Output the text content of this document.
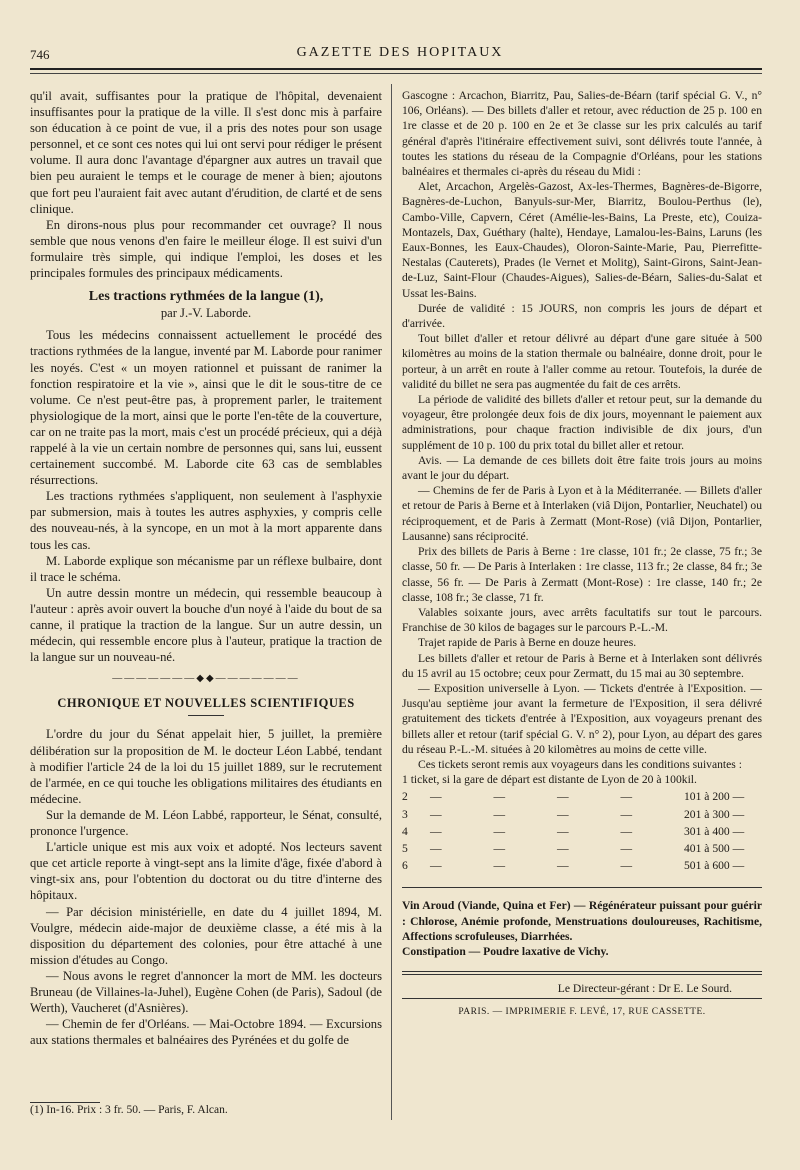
746	GAZETTE DES HOPITAUX

qu'il avait, suffisantes pour la pratique de l'hôpital, devenaient insuffisantes pour la pratique de la ville. Il s'est donc mis à parfaire son éducation à ce point de vue, il a pris des notes pour son usage personnel, et ce sont ces notes qui lui ont servi pour rédiger le présent volume. Il aura donc l'avantage d'épargner aux autres un travail que bien peu auraient le temps et le courage de mener à bien; ajoutons que fort peu l'auraient fait avec autant d'érudition, de clarté et de sens clinique.

En dirons-nous plus pour recommander cet ouvrage? Il nous semble que nous venons d'en faire le meilleur éloge. Il est suivi d'un formulaire très simple, qui indique l'emploi, les doses et les principales formules des principaux médicaments.

Les tractions rythmées de la langue (1),
par J.-V. Laborde.

Tous les médecins connaissent actuellement le procédé des tractions rythmées de la langue, inventé par M. Laborde pour ranimer les noyés. C'est « un moyen rationnel et puissant de ranimer la fonction respiratoire et la vie », ainsi que le dit le sous-titre de ce volume. Ce n'est peut-être pas, à proprement parler, le traitement physiologique de la mort, ainsi que le porte l'en-tête de la couverture, car on ne traite pas la mort, mais c'est un procédé précieux, qui a déjà rappelé à la vie un certain nombre de personnes qui, sans lui, eussent certainement succombé. M. Laborde cite 63 cas de semblables résurrections.

Les tractions rythmées s'appliquent, non seulement à l'asphyxie par submersion, mais à toutes les autres asphyxies, y compris celle des nouveau-nés, à la syncope, en un mot à la mort apparente dans tous les cas.

M. Laborde explique son mécanisme par un réflexe bulbaire, dont il trace le schéma.

Un autre dessin montre un médecin, qui ressemble beaucoup à l'auteur : après avoir ouvert la bouche d'un noyé à l'aide du bout de sa canne, il pratique la traction de la langue. Sur un autre dessin, un médecin, qui ressemble encore plus à l'auteur, pratique la traction de la langue sur un nouveau-né.

———————◆◆———————
CHRONIQUE ET NOUVELLES SCIENTIFIQUES

L'ordre du jour du Sénat appelait hier, 5 juillet, la première délibération sur la proposition de M. le docteur Léon Labbé, tendant à modifier l'article 24 de la loi du 15 juillet 1889, sur le recrutement de l'armée, en ce qui touche les obligations militaires des étudiants en médecine.

Sur la demande de M. Léon Labbé, rapporteur, le Sénat, consulté, prononce l'urgence.

L'article unique est mis aux voix et adopté. Nos lecteurs savent que cet article reporte à vingt-sept ans la limite d'âge, fixée d'abord à vingt-six ans, pour l'obtention du doctorat ou du titre d'interne des hôpitaux.

— Par décision ministérielle, en date du 4 juillet 1894, M. Voulgre, médecin aide-major de deuxième classe, a été mis à la disposition du département des colonies, pour être attaché à une mission d'études au Congo.

— Nous avons le regret d'annoncer la mort de MM. les docteurs Bruneau (de Villaines-la-Juhel), Eugène Cohen (de Paris), Sadoul (de Werth), Vaucheret (d'Asnières).

— Chemin de fer d'Orléans. — Mai-Octobre 1894. — Excursions aux stations thermales et balnéaires des Pyrénées et du golfe de

(1) In-16. Prix : 3 fr. 50. — Paris, F. Alcan.

Gascogne : Arcachon, Biarritz, Pau, Salies-de-Béarn (tarif spécial G. V., n° 106, Orléans). — Des billets d'aller et retour, avec réduction de 25 p. 100 en 1re classe et de 20 p. 100 en 2e et 3e classe sur les prix calculés au tarif général d'après l'itinéraire effectivement suivi, sont délivrés toute l'année, à toutes les stations du réseau de la Compagnie d'Orléans, pour les stations balnéaires et thermales ci-après du réseau du Midi :

Alet, Arcachon, Argelès-Gazost, Ax-les-Thermes, Bagnères-de-Bigorre, Bagnères-de-Luchon, Banyuls-sur-Mer, Biarritz, Boulou-Perthus (le), Cambo-Ville, Capvern, Céret (Amélie-les-Bains, La Preste, etc), Couiza-Montazels, Dax, Guéthary (halte), Hendaye, Lamalou-les-Bains, Laruns (les Eaux-Bonnes, les Eaux-Chaudes), Oloron-Sainte-Marie, Pau, Pierrefitte-Nestalas (Cauterets), Prades (le Vernet et Molitg), Saint-Girons, Saint-Jean-de-Luz, Saint-Flour (Chaudes-Aigues), Salies-de-Béarn, Salies-du-Salat et Ussat les-Bains.

Durée de validité : 15 JOURS, non compris les jours de départ et d'arrivée.

Tout billet d'aller et retour délivré au départ d'une gare située à 500 kilomètres au moins de la station thermale ou balnéaire, donne droit, pour le porteur, à un arrêt en route à l'aller comme au retour. Toutefois, la durée de validité du billet ne sera pas augmentée du fait de ces arrêts.

La période de validité des billets d'aller et retour peut, sur la demande du voyageur, être prolongée deux fois de dix jours, moyennant le paiement aux administrations, pour chaque fraction indivisible de dix jours, d'un supplément de 10 p. 100 du prix total du billet aller et retour.

Avis. — La demande de ces billets doit être faite trois jours au moins avant le jour du départ.

— Chemins de fer de Paris à Lyon et à la Méditerranée. — Billets d'aller et retour de Paris à Berne et à Interlaken (viâ Dijon, Pontarlier, Neuchatel) ou réciproquement, et de Paris à Zermatt (Mont-Rose) (viâ Dijon, Pontarlier, Lausanne) sans réciprocité.

Prix des billets de Paris à Berne : 1re classe, 101 fr.; 2e classe, 75 fr.; 3e classe, 50 fr. — De Paris à Interlaken : 1re classe, 113 fr.; 2e classe, 84 fr.; 3e classe, 56 fr. — De Paris à Zermatt (Mont-Rose) : 1re classe, 140 fr.; 2e classe, 108 fr.; 3e classe, 71 fr.

Valables soixante jours, avec arrêts facultatifs sur tout le parcours. Franchise de 30 kilos de bagages sur le parcours P.-L.-M.

Trajet rapide de Paris à Berne en douze heures.

Les billets d'aller et retour de Paris à Berne et à Interlaken sont délivrés du 15 avril au 15 octobre; ceux pour Zermatt, du 15 mai au 30 septembre.

— Exposition universelle à Lyon. — Tickets d'entrée à l'Exposition. — Jusqu'au septième jour avant la fermeture de l'Exposition, il sera délivré gratuitement des tickets d'entrée à l'Exposition, aux voyageurs prenant des billets aller et retour (tarif spécial G. V. n° 2), pour Lyon, au départ des gares du réseau P.-L.-M. situées à 20 kilomètres au moins de cette ville.

Ces tickets seront remis aux voyageurs dans les conditions suivantes :

1 ticket, si la gare de départ est distante de Lyon de 20 à 100kil.
2	—	—	—	—	101 à 200 —
3	—	—	—	—	201 à 300 —
4	—	—	—	—	301 à 400 —
5	—	—	—	—	401 à 500 —
6	—	—	—	—	501 à 600 —

Vin Aroud (Viande, Quina et Fer) — Régénérateur puissant pour guérir : Chlorose, Anémie profonde, Menstruations douloureuses, Rachitisme, Affections scrofuleuses, Diarrhées.

Constipation — Poudre laxative de Vichy.

Le Directeur-gérant : Dr E. Le Sourd.
PARIS. — IMPRIMERIE F. LEVÉ, 17, RUE CASSETTE.
